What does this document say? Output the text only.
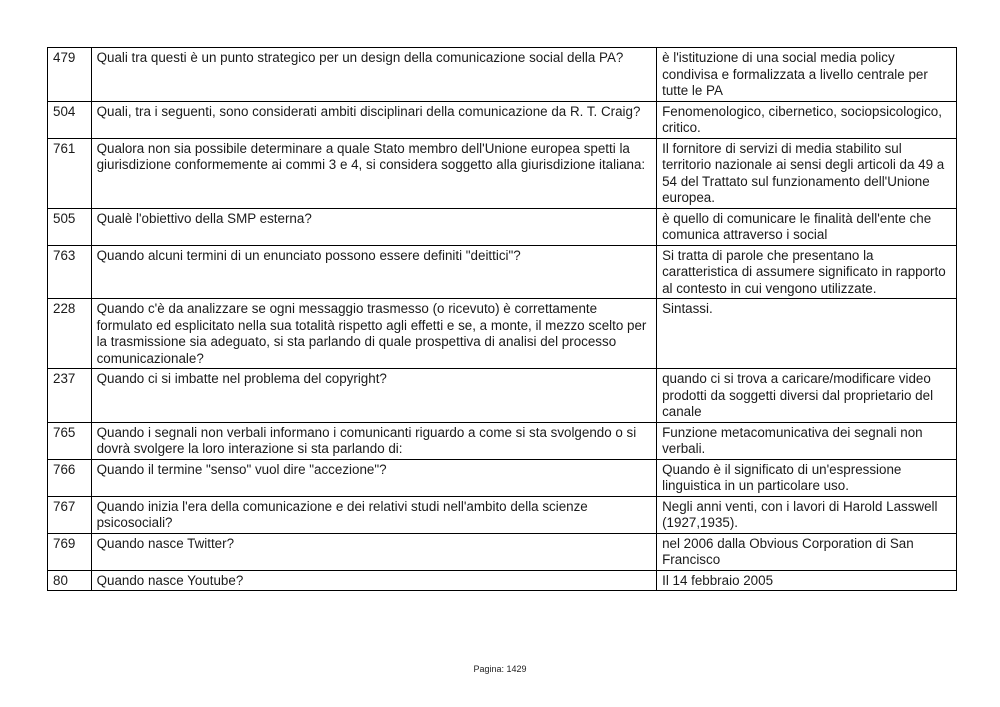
479	Quali tra questi è un punto strategico per un design della comunicazione social della PA?	è l'istituzione di una social media policy condivisa e formalizzata a livello centrale per tutte le PA
504	Quali, tra i seguenti, sono considerati ambiti disciplinari della comunicazione da R. T. Craig?	Fenomenologico, cibernetico, sociopsicologico, critico.
761	Qualora non sia possibile determinare a quale Stato membro dell'Unione europea spetti la giurisdizione conformemente ai commi 3 e 4, si considera soggetto alla giurisdizione italiana:	Il fornitore di servizi di media stabilito sul territorio nazionale ai sensi degli articoli da 49 a 54 del Trattato sul funzionamento dell'Unione europea.
505	Qualè l'obiettivo della SMP esterna?	è quello di comunicare le finalità dell'ente che comunica attraverso i social
763	Quando alcuni termini di un enunciato possono essere definiti "deittici"?	Si tratta di parole che presentano la caratteristica di assumere significato in rapporto al contesto in cui vengono utilizzate.
228	Quando c'è da analizzare se ogni messaggio trasmesso (o ricevuto) è correttamente formulato ed esplicitato nella sua totalità rispetto agli effetti e se, a monte, il mezzo scelto per la trasmissione sia adeguato, si sta parlando di quale prospettiva di analisi del processo comunicazionale?	Sintassi.
237	Quando ci si imbatte nel problema del copyright?	quando ci si trova a caricare/modificare video prodotti da soggetti diversi dal proprietario del canale
765	Quando i segnali non verbali informano i comunicanti riguardo a come si sta svolgendo o si dovrà svolgere la loro interazione si sta parlando di:	Funzione metacomunicativa dei segnali non verbali.
766	Quando il termine "senso" vuol dire "accezione"?	Quando è il significato di un'espressione linguistica in un particolare uso.
767	Quando inizia l'era della comunicazione e dei relativi studi nell'ambito della scienze psicosociali?	Negli anni venti, con i lavori di Harold Lasswell (1927,1935).
769	Quando nasce Twitter?	nel 2006 dalla Obvious Corporation di San Francisco
80	Quando nasce Youtube?	Il 14 febbraio 2005
Pagina: 1429
